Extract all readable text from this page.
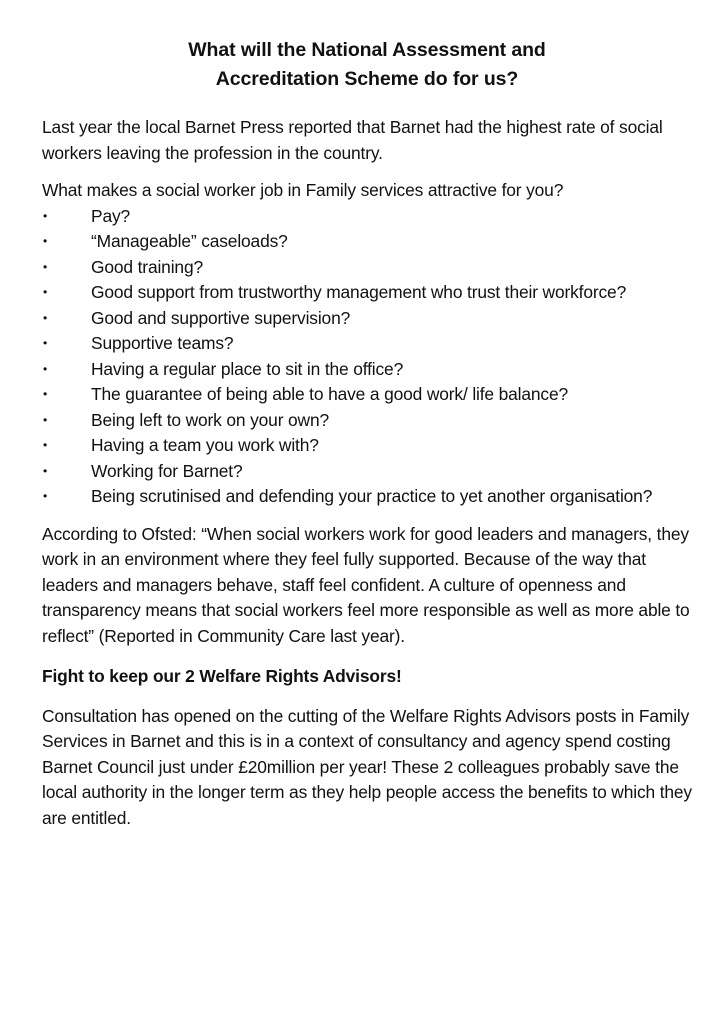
What will the National Assessment and
Accreditation Scheme do for us?

Last year the local Barnet Press reported that Barnet had the highest rate of social workers leaving the profession in the country.

What makes a social worker job in Family services attractive for you?

•	Pay?
•	“Manageable” caseloads?
•	Good training?
•	Good support from trustworthy management who trust their workforce?
•	Good and supportive supervision?
•	Supportive teams?
•	Having a regular place to sit in the office?
•	The guarantee of being able to have a good work/ life balance?
•	Being left to work on your own?
•	Having a team you work with?
•	Working for Barnet?
•	Being scrutinised and defending your practice to yet another organisation?

According to Ofsted: “When social workers work for good leaders and managers, they work in an environment where they feel fully supported. Because of the way that leaders and managers behave, staff feel confident. A culture of openness and transparency means that social workers feel more responsible as well as more able to reflect” (Reported in Community Care last year).

Fight to keep our 2 Welfare Rights Advisors!

Consultation has opened on the cutting of the Welfare Rights Advisors posts in Family Services in Barnet and this is in a context of consultancy and agency spend costing Barnet Council just under £20million per year! These 2 colleagues probably save the local authority in the longer term as they help people access the benefits to which they are entitled.
